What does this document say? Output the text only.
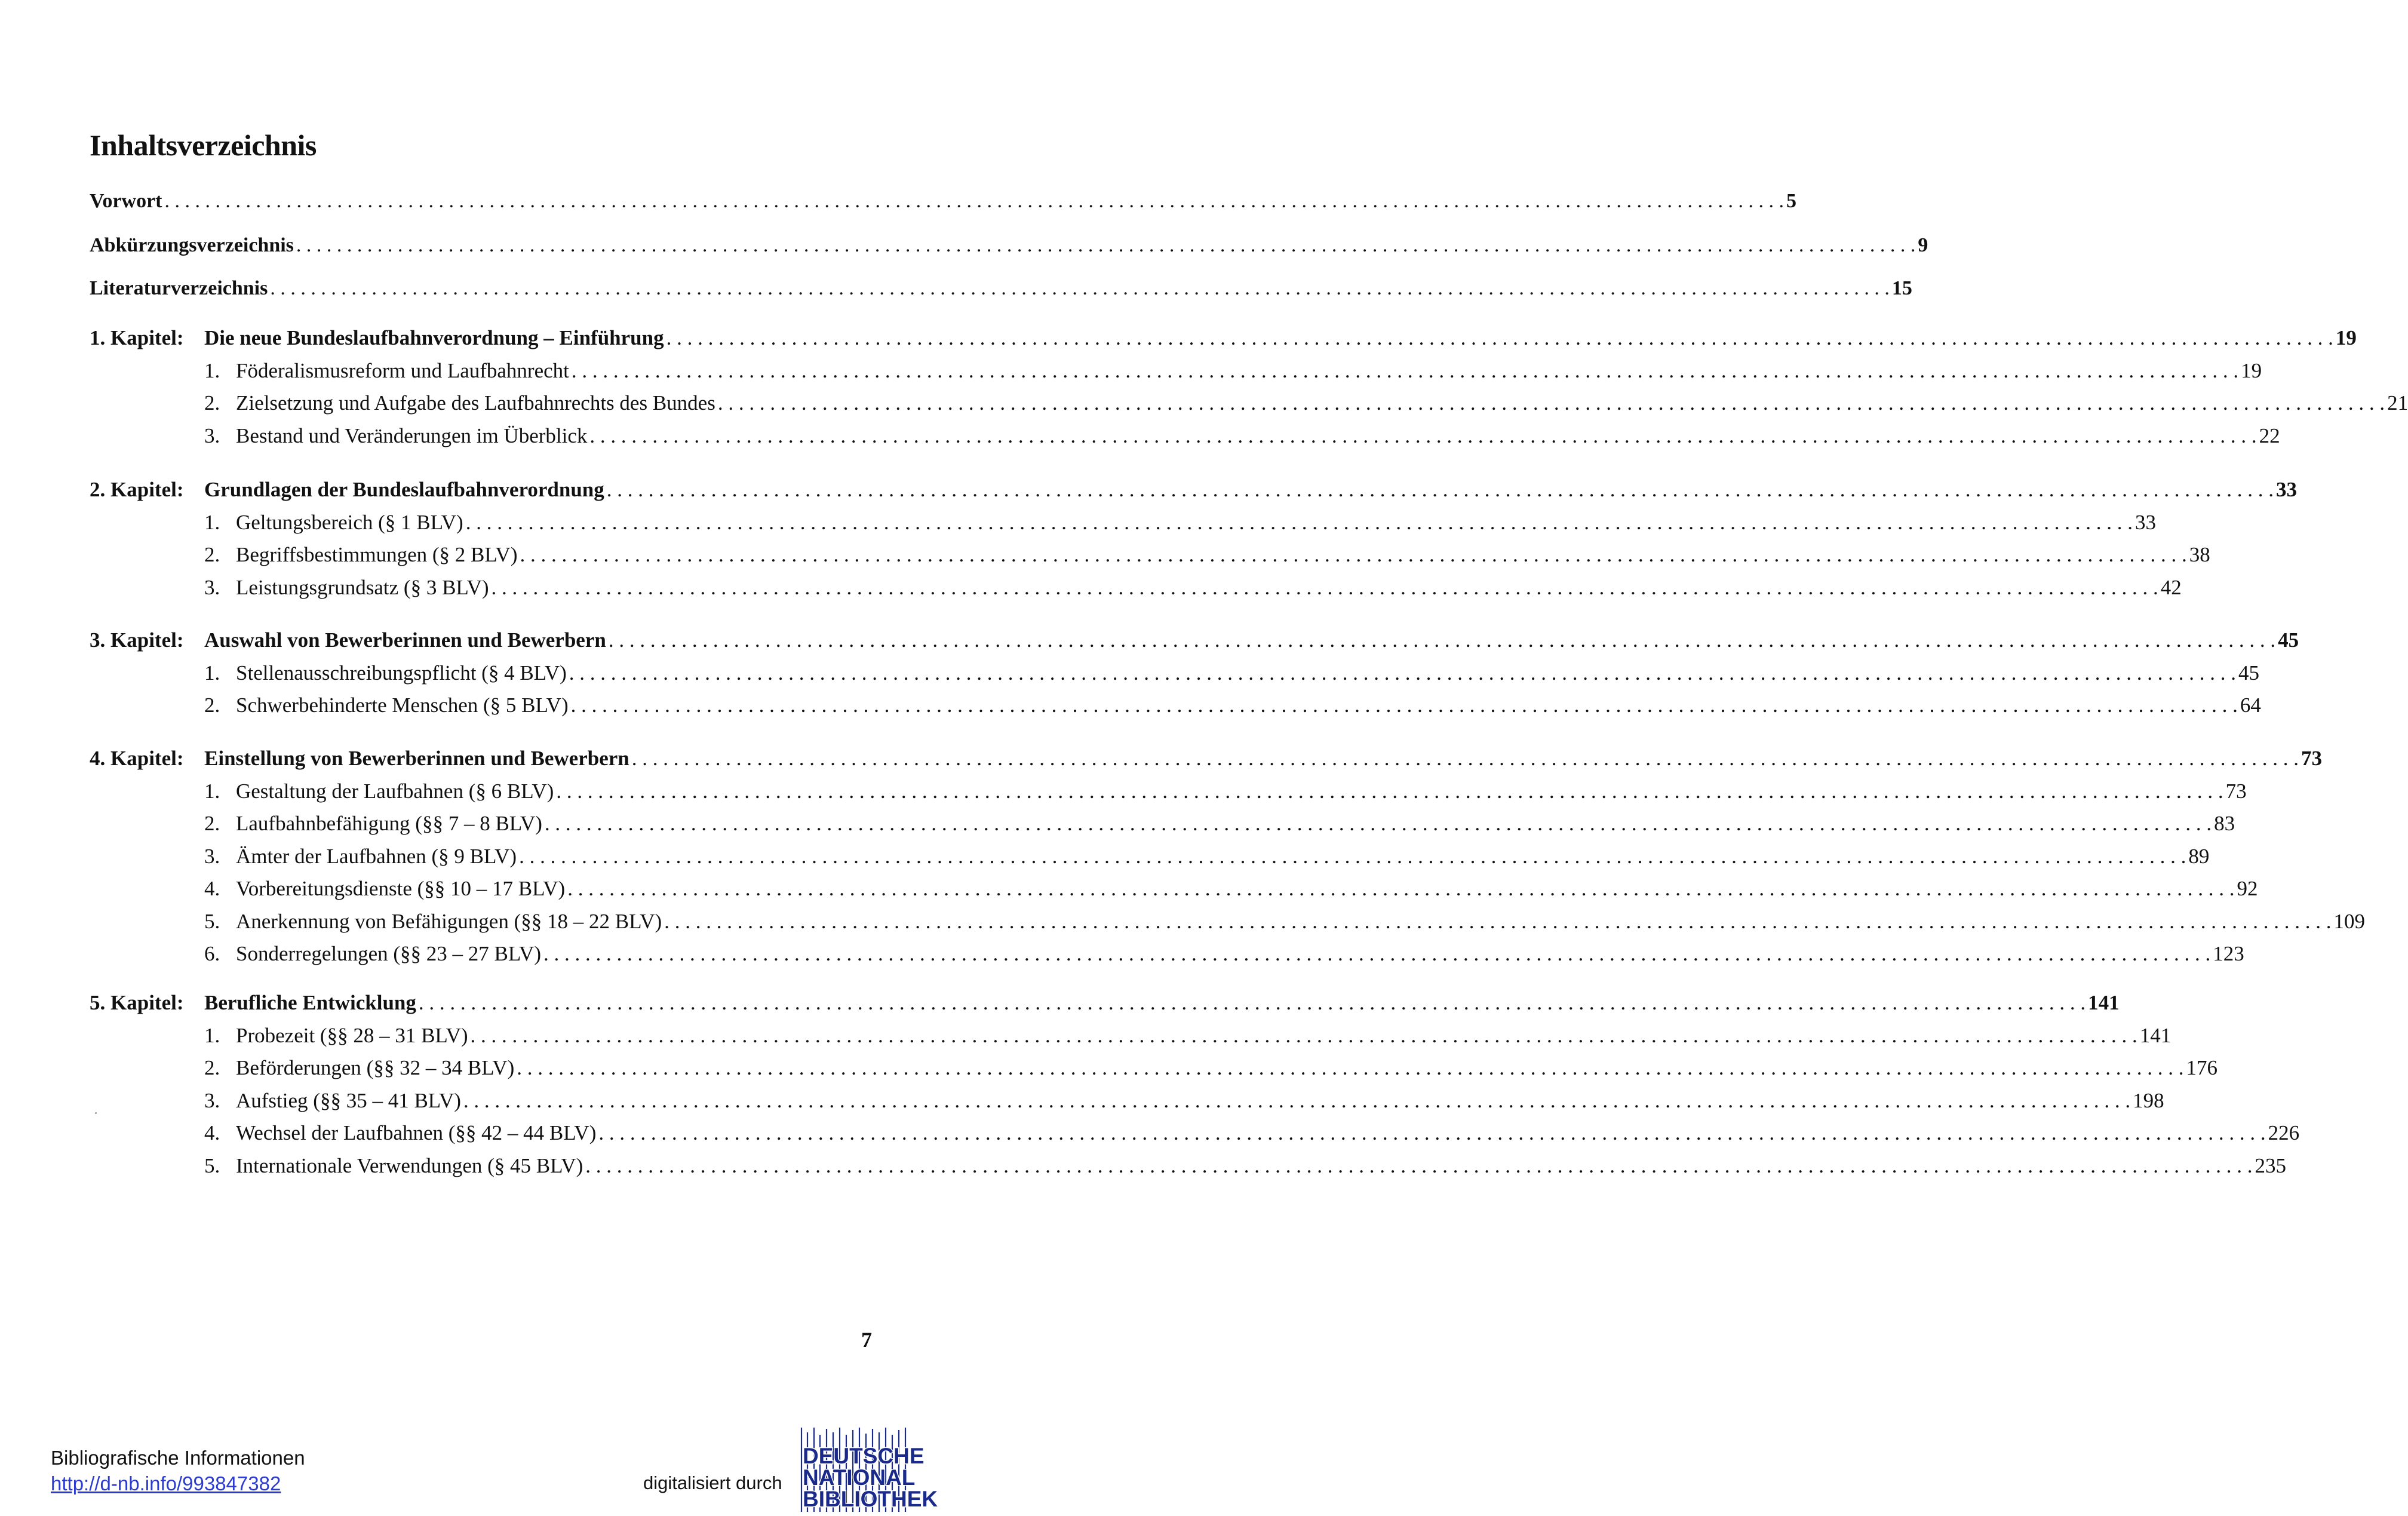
Inhaltsverzeichnis
Vorwort . . .	5
Abkürzungsverzeichnis . . .	9
Literaturverzeichnis . . .	15
1. Kapitel: Die neue Bundeslaufbahnverordnung – Einführung . . .	19
1. Föderalismusreform und Laufbahnrecht . . .	19
2. Zielsetzung und Aufgabe des Laufbahnrechts des Bundes . . .	21
3. Bestand und Veränderungen im Überblick . . .	22
2. Kapitel: Grundlagen der Bundeslaufbahnverordnung . . .	33
1. Geltungsbereich (§ 1 BLV) . . .	33
2. Begriffsbestimmungen (§ 2 BLV) . . .	38
3. Leistungsgrundsatz (§ 3 BLV) . . .	42
3. Kapitel: Auswahl von Bewerberinnen und Bewerbern . . .	45
1. Stellenausschreibungspflicht (§ 4 BLV) . . .	45
2. Schwerbehinderte Menschen (§ 5 BLV) . . .	64
4. Kapitel: Einstellung von Bewerberinnen und Bewerbern . . .	73
1. Gestaltung der Laufbahnen (§ 6 BLV) . . .	73
2. Laufbahnbefähigung (§§ 7 – 8 BLV) . . .	83
3. Ämter der Laufbahnen (§ 9 BLV) . . .	89
4. Vorbereitungsdienste (§§ 10 – 17 BLV) . . .	92
5. Anerkennung von Befähigungen (§§ 18 – 22 BLV) . . .	109
6. Sonderregelungen (§§ 23 – 27 BLV) . . .	123
5. Kapitel: Berufliche Entwicklung . . .	141
1. Probezeit (§§ 28 – 31 BLV) . . .	141
2. Beförderungen (§§ 32 – 34 BLV) . . .	176
3. Aufstieg (§§ 35 – 41 BLV) . . .	198
4. Wechsel der Laufbahnen (§§ 42 – 44 BLV) . . .	226
5. Internationale Verwendungen (§ 45 BLV) . . .	235
7
Bibliografische Informationen
http://d-nb.info/993847382	digitalisiert durch
DEUTSCHE
NATIONAL
BIBLIOTHEK
